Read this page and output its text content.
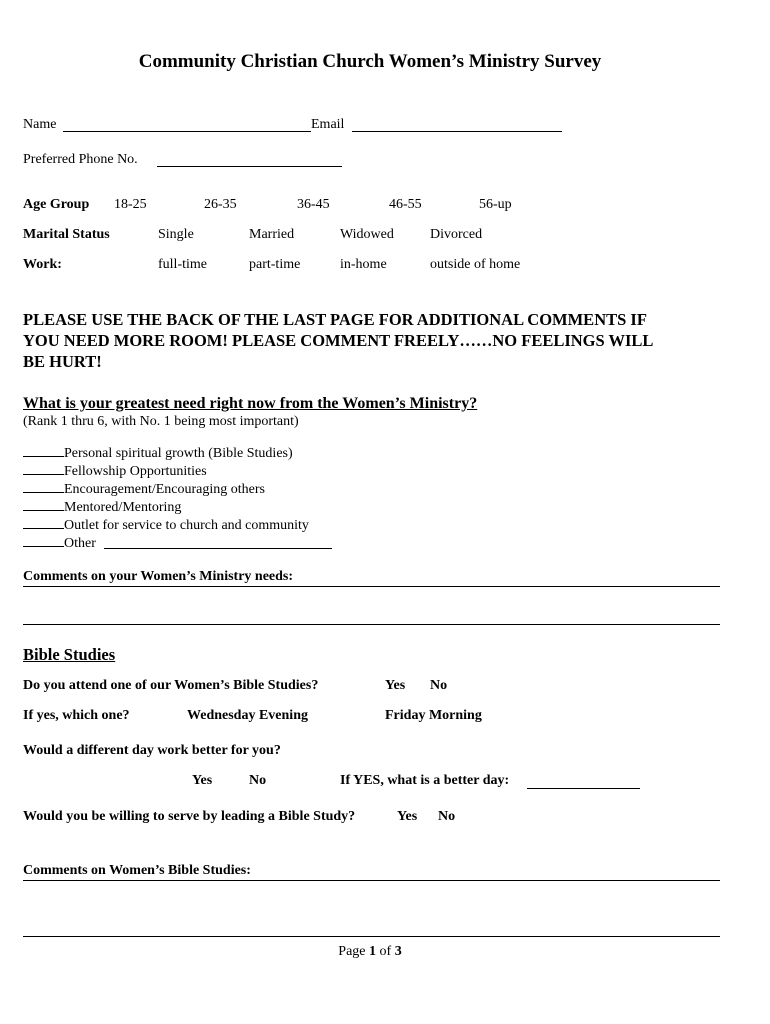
Community Christian Church Women’s Ministry Survey
Name	Email
Preferred Phone No.
Age Group 18-25	26-35	36-45	46-55	56-up
Marital Status	Single	Married	Widowed	Divorced
Work:	full-time	part-time	in-home	outside of home
PLEASE USE THE BACK OF THE LAST PAGE FOR ADDITIONAL COMMENTS IF
YOU NEED MORE ROOM! PLEASE COMMENT FREELY……NO FEELINGS WILL
BE HURT!
What is your greatest need right now from the Women’s Ministry?
(Rank 1 thru 6, with No. 1 being most important)
Personal spiritual growth (Bible Studies)
Fellowship Opportunities
Encouragement/Encouraging others
Mentored/Mentoring
Outlet for service to church and community
Other
Comments on your Women’s Ministry needs:
Bible Studies
Do you attend one of our Women’s Bible Studies?	Yes No
If yes, which one?	Wednesday Evening	Friday Morning
Would a different day work better for you?
Yes	No	If YES, what is a better day:
Would you be willing to serve by leading a Bible Study?	Yes No
Comments on Women’s Bible Studies:
Page 1 of 3
